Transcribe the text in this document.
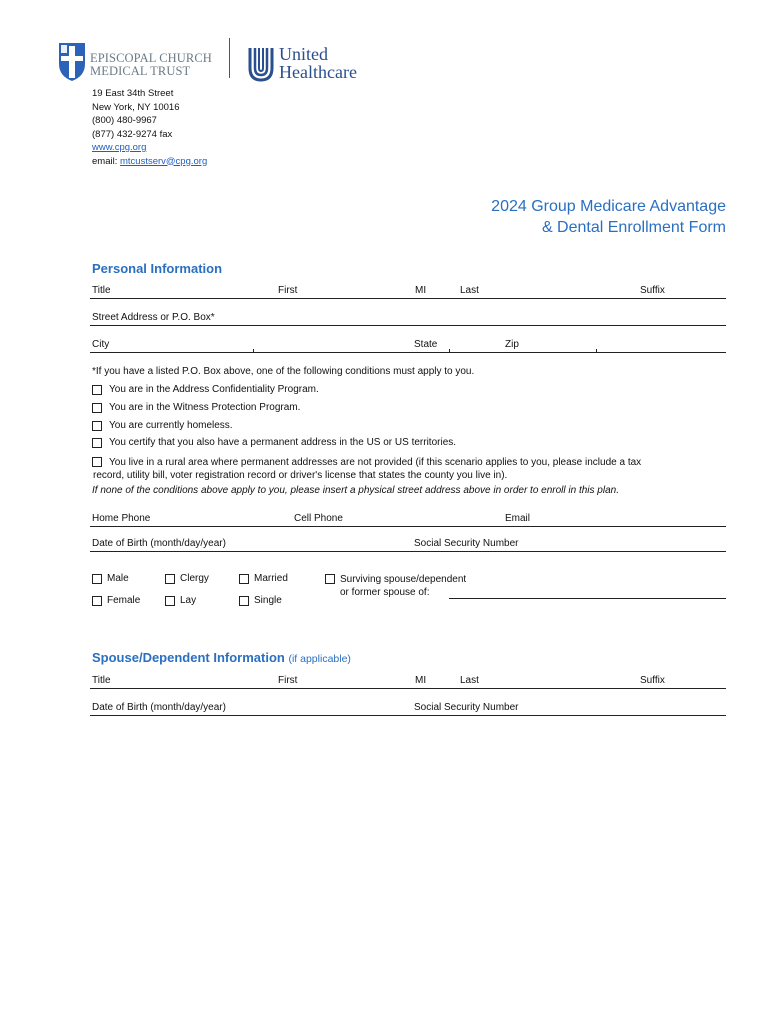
EPISCOPAL CHURCH
MEDICAL TRUST
United
Healthcare
19 East 34th Street
New York, NY 10016
(800) 480-9967
(877) 432-9274 fax
www.cpg.org
email: mtcustserv@cpg.org
2024 Group Medicare Advantage
& Dental Enrollment Form
Personal Information
Title	First	MI	Last	Suffix
Street Address or P.O. Box*
City	State	Zip
*If you have a listed P.O. Box above, one of the following conditions must apply to you.
You are in the Address Confidentiality Program.
You are in the Witness Protection Program.
You are currently homeless.
You certify that you also have a permanent address in the US or US territories.
You live in a rural area where permanent addresses are not provided (if this scenario applies to you, please include a tax
record, utility bill, voter registration record or driver's license that states the county you live in).
If none of the conditions above apply to you, please insert a physical street address above in order to enroll in this plan.
Home Phone	Cell Phone	Email
Date of Birth (month/day/year)	Social Security Number
Male
Female
Clergy
Lay
Married
Single
Surviving spouse/dependent
or former spouse of:
Spouse/Dependent Information (if applicable)
Title	First	MI	Last	Suffix
Date of Birth (month/day/year)	Social Security Number
